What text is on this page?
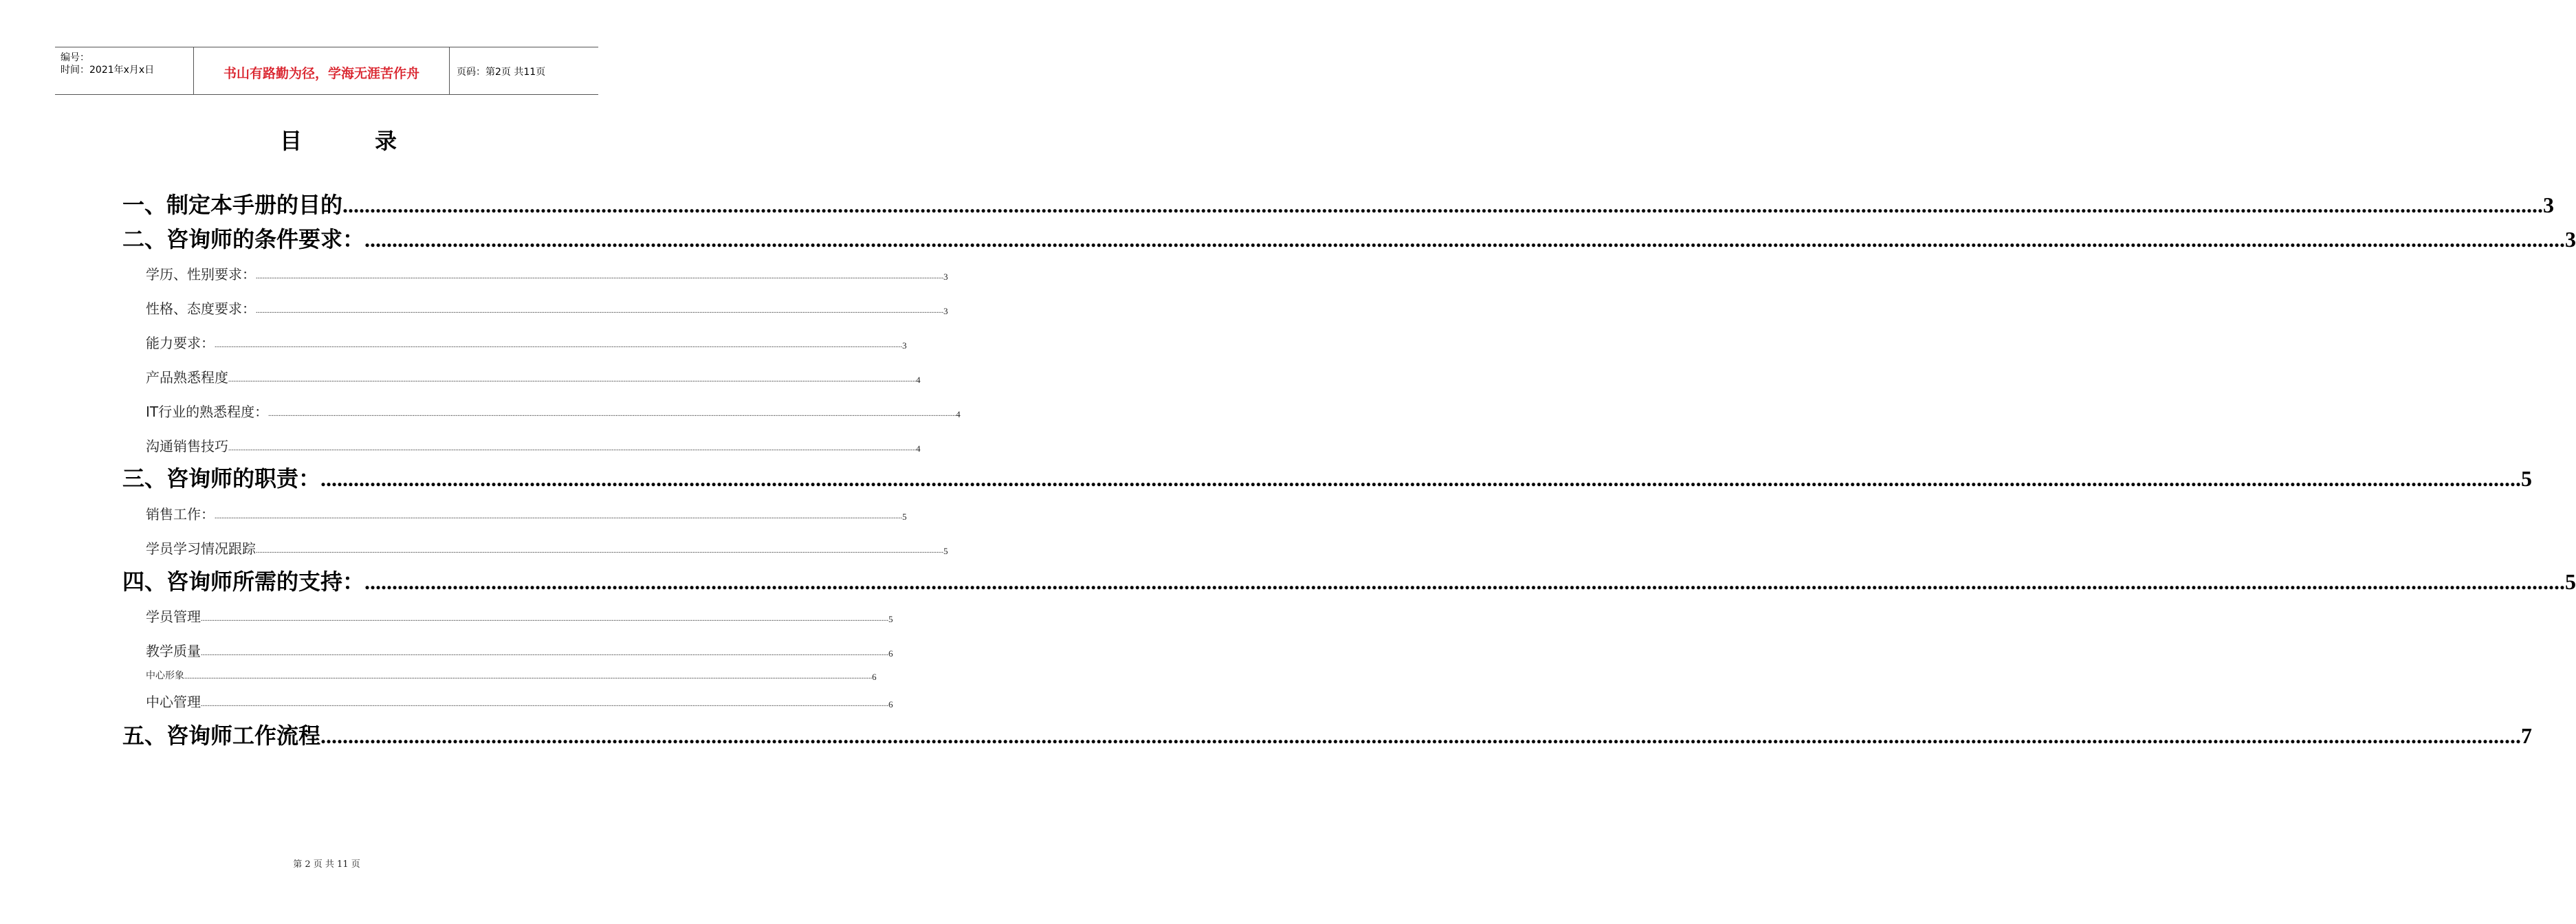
编号：
时间：2021年x月x日	书山有路勤为径，学海无涯苦作舟	页码：第2页 共11页
目	录
一、制定本手册的目的 ................................................................................................................................................................................................................................................................................................................................................................................................................ 3
二、咨询师的条件要求： ................................................................................................................................................................................................................................................................................................................................................................................................................ 3
学历、性别要求： ................................................................................................................................................................................................................................................................................................................................................................................................................ 3
性格、态度要求： ................................................................................................................................................................................................................................................................................................................................................................................................................ 3
能力要求： ................................................................................................................................................................................................................................................................................................................................................................................................................ 3
产品熟悉程度 ................................................................................................................................................................................................................................................................................................................................................................................................................ 4
IT行业的熟悉程度： ................................................................................................................................................................................................................................................................................................................................................................................................................ 4
沟通销售技巧 ................................................................................................................................................................................................................................................................................................................................................................................................................ 4
三、咨询师的职责： ................................................................................................................................................................................................................................................................................................................................................................................................................ 5
销售工作： ................................................................................................................................................................................................................................................................................................................................................................................................................ 5
学员学习情况跟踪 ................................................................................................................................................................................................................................................................................................................................................................................................................ 5
四、咨询师所需的支持： ................................................................................................................................................................................................................................................................................................................................................................................................................ 5
学员管理 ................................................................................................................................................................................................................................................................................................................................................................................................................ 5
教学质量 ................................................................................................................................................................................................................................................................................................................................................................................................................ 6
中心形象 ................................................................................................................................................................................................................................................................................................................................................................................................................ 6
中心管理 ................................................................................................................................................................................................................................................................................................................................................................................................................ 6
五、咨询师工作流程 ................................................................................................................................................................................................................................................................................................................................................................................................................ 7
第 2 页 共 11 页
